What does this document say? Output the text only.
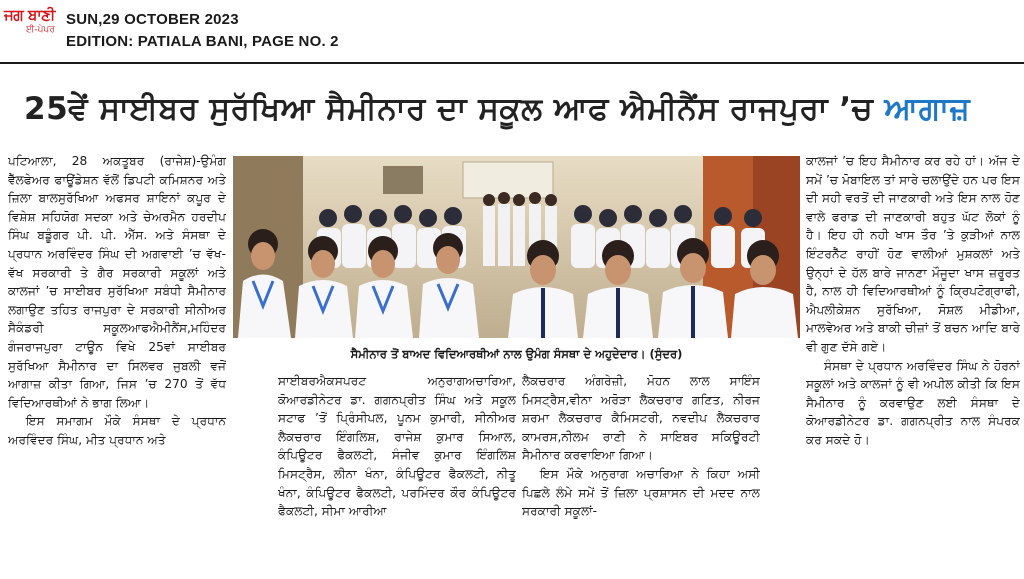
ਜਗ ਬਾਣੀ
ਈ-ਪੇਪਰ
SUN,29 OCTOBER 2023
EDITION: PATIALA BANI, PAGE NO. 2
25ਵੇਂ ਸਾਈਬਰ ਸੁਰੱਖਿਆ ਸੈਮੀਨਾਰ ਦਾ ਸਕੂਲ ਆਫ ਐਮੀਨੈਂਸ ਰਾਜਪੁਰਾ ’ਚ ਆਗਾਜ਼

ਪਟਿਆਲਾ, 28 ਅਕਤੂਬਰ (ਰਾਜੇਸ਼)-ਉਮੰਗ ਵੈੱਲਫੇਅਰ ਫਾਊਂਡੇਸ਼ਨ ਵੱਲੋਂ ਡਿਪਟੀ ਕਮਿਸ਼ਨਰ ਅਤੇ ਜ਼ਿਲਾ ਬਾਲਸੁਰੱਖਿਆ ਅਫਸਰ ਸ਼ਾਇਨਾਂ ਕਪੂਰ ਦੇ ਵਿਸ਼ੇਸ਼ ਸਹਿਯੋਗ ਸਦਕਾ ਅਤੇ ਚੇਅਰਮੈਨ ਹਰਦੀਪ ਸਿੰਘ ਬਡੂੰਗਰ ਪੀ. ਪੀ. ਐੱਸ. ਅਤੇ ਸੰਸਥਾ ਦੇ ਪ੍ਰਧਾਨ ਅਰਵਿੰਦਰ ਸਿੰਘ ਦੀ ਅਗਵਾਈ ’ਚ ਵੱਖ-ਵੱਖ ਸਰਕਾਰੀ ਤੇ ਗੈਰ ਸਰਕਾਰੀ ਸਕੂਲਾਂ ਅਤੇ ਕਾਲਜਾਂ ’ਚ ਸਾਈਬਰ ਸੁਰੱਖਿਆ ਸਬੰਧੀ ਸੈਮੀਨਾਰ ਲਗਾਉਣ ਤਹਿਤ ਰਾਜਪੁਰਾ ਦੇ ਸਰਕਾਰੀ ਸੀਨੀਅਰ ਸੈਕੰਡਰੀ ਸਕੂਲਆਫਐਮੀਨੈਂਸ,ਮਹਿੰਦਰ ਗੰਜਰਾਜਪੁਰਾ ਟਾਊਨ ਵਿਖੇ 25ਵਾਂ ਸਾਈਬਰ ਸੁਰੱਖਿਆ ਸੈਮੀਨਾਰ ਦਾ ਸਿਲਵਰ ਜੁਬਲੀ ਵਜੋਂ ਆਗਾਜ਼ ਕੀਤਾ ਗਿਆ, ਜਿਸ ’ਚ 270 ਤੋਂ ਵੱਧ ਵਿਦਿਆਰਥੀਆਂ ਨੇ ਭਾਗ ਲਿਆ।

ਇਸ ਸਮਾਗਮ ਮੌਕੇ ਸੰਸਥਾ ਦੇ ਪ੍ਰਧਾਨ ਅਰਵਿੰਦਰ ਸਿੰਘ, ਮੀਤ ਪ੍ਰਧਾਨ ਅਤੇ

ਸੈਮੀਨਾਰ ਤੋਂ ਬਾਅਦ ਵਿਦਿਆਰਥੀਆਂ ਨਾਲ ਉਮੰਗ ਸੰਸਥਾ ਦੇ ਅਹੁਦੇਦਾਰ। (ਸੁੰਦਰ)

ਸਾਈਬਰਐਕਸਪਰਟ ਅਨੁਰਾਗਅਚਾਰਿਆ, ਕੋਆਰਡੀਨੇਟਰ ਡਾ. ਗਗਨਪ੍ਰੀਤ ਸਿੰਘ ਅਤੇ ਸਕੂਲ ਸਟਾਫ ’ਤੋਂ ਪ੍ਰਿੰਸੀਪਲ, ਪੂਨਮ ਕੁਮਾਰੀ, ਸੀਨੀਅਰ ਲੈਕਚਰਾਰ ਇੰਗਲਿਸ਼, ਰਾਜੇਸ਼ ਕੁਮਾਰ ਸਿਆਲ, ਕੰਪਿਊਟਰ ਫੈਕਲਟੀ, ਸੰਜੀਵ ਕੁਮਾਰ ਇੰਗਲਿਸ਼ ਮਿਸਟ੍ਰੈਸ, ਲੀਨਾ ਖੰਨਾ, ਕੰਪਿਊਟਰ ਫੈਕਲਟੀ, ਨੀਤੂ ਖੰਨਾ, ਕੰਪਿਊਟਰ ਫੈਕਲਟੀ, ਪਰਮਿੰਦਰ ਕੌਰ ਕੰਪਿਊਟਰ ਫੈਕਲਟੀ, ਸੀਮਾ ਆਰੀਆ

ਲੈਕਚਰਾਰ ਅੰਗਰੇਜ਼ੀ, ਮੋਹਨ ਲਾਲ ਸਾਇੰਸ ਮਿਸਟ੍ਰੈਸ,ਵੀਨਾ ਅਰੋੜਾ ਲੈਕਚਰਾਰ ਗਣਿਤ, ਨੀਰਜ ਸ਼ਰਮਾ ਲੈਕਚਰਾਰ ਕੈਮਿਸਟਰੀ, ਨਵਦੀਪ ਲੈਕਚਰਾਰ ਕਾਮਰਸ,ਨੀਲਮ ਰਾਣੀ ਨੇ ਸਾਇਬਰ ਸਕਿਊਰਟੀ ਸੈਮੀਨਾਰ ਕਰਵਾਇਆ ਗਿਆ।

ਇਸ ਮੌਕੇ ਅਨੁਰਾਗ ਅਚਾਰਿਆ ਨੇ ਕਿਹਾ ਅਸੀ ਪਿਛਲੇ ਲੰਮੇ ਸਮੇਂ ਤੋਂ ਜ਼ਿਲਾ ਪ੍ਰਸ਼ਾਸਨ ਦੀ ਮਦਦ ਨਾਲ ਸਰਕਾਰੀ ਸਕੂਲਾਂ-

ਕਾਲਜਾਂ ’ਚ ਇਹ ਸੈਮੀਨਾਰ ਕਰ ਰਹੇ ਹਾਂ। ਅੱਜ ਦੇ ਸਮੇਂ ’ਚ ਮੋਬਾਇਲ ਤਾਂ ਸਾਰੇ ਚਲਾਉਂਦੇ ਹਨ ਪਰ ਇਸ ਦੀ ਸਹੀ ਵਰਤੋਂ ਦੀ ਜਾਣਕਾਰੀ ਅਤੇ ਇਸ ਨਾਲ ਹੋਣ ਵਾਲੇ ਫਰਾਡ ਦੀ ਜਾਣਕਾਰੀ ਬਹੁਤ ਘੱਟ ਲੋਕਾਂ ਨੂੰ ਹੈ। ਇਹ ਹੀ ਨਹੀ ਖਾਸ ਤੌਰ ’ਤੇ ਕੁੜੀਆਂ ਨਾਲ ਇੰਟਰਨੈੱਟ ਰਾਹੀਂ ਹੋਣ ਵਾਲੀਆਂ ਮੁਸ਼ਕਲਾਂ ਅਤੇ ਉਨ੍ਹਾਂ ਦੇ ਹੱਲ ਬਾਰੇ ਜਾਨਣਾ ਮੌਜੂਦਾ ਖਾਸ ਜ਼ਰੂਰਤ ਹੈ, ਨਾਲ ਹੀ ਵਿਦਿਆਰਥੀਆਂ ਨੂੰ ਕ੍ਰਿਪਟੋਗ੍ਰਾਫੀ, ਐਪਲੀਕੇਸ਼ਨ ਸੁਰੱਖਿਆ, ਸੋਸ਼ਲ ਮੀਡੀਆ, ਮਾਲਵੇਅਰ ਅਤੇ ਬਾਕੀ ਚੀਜ਼ਾਂ ਤੋਂ ਬਚਨ ਆਦਿ ਬਾਰੇ ਵੀ ਗੁਣ ਦੱਸੇ ਗਏ।

ਸੰਸਥਾ ਦੇ ਪ੍ਰਧਾਨ ਅਰਵਿੰਦਰ ਸਿੰਘ ਨੇ ਹੋਰਨਾਂ ਸਕੂਲਾਂ ਅਤੇ ਕਾਲਜਾਂ ਨੂੰ ਵੀ ਅਪੀਲ ਕੀਤੀ ਕਿ ਇਸ ਸੈਮੀਨਾਰ ਨੂੰ ਕਰਵਾਉਣ ਲਈ ਸੰਸਥਾ ਦੇ ਕੋਆਰਡੀਨੇਟਰ ਡਾ. ਗਗਨਪ੍ਰੀਤ ਨਾਲ ਸੰਪਰਕ ਕਰ ਸਕਦੇ ਹੋ।
